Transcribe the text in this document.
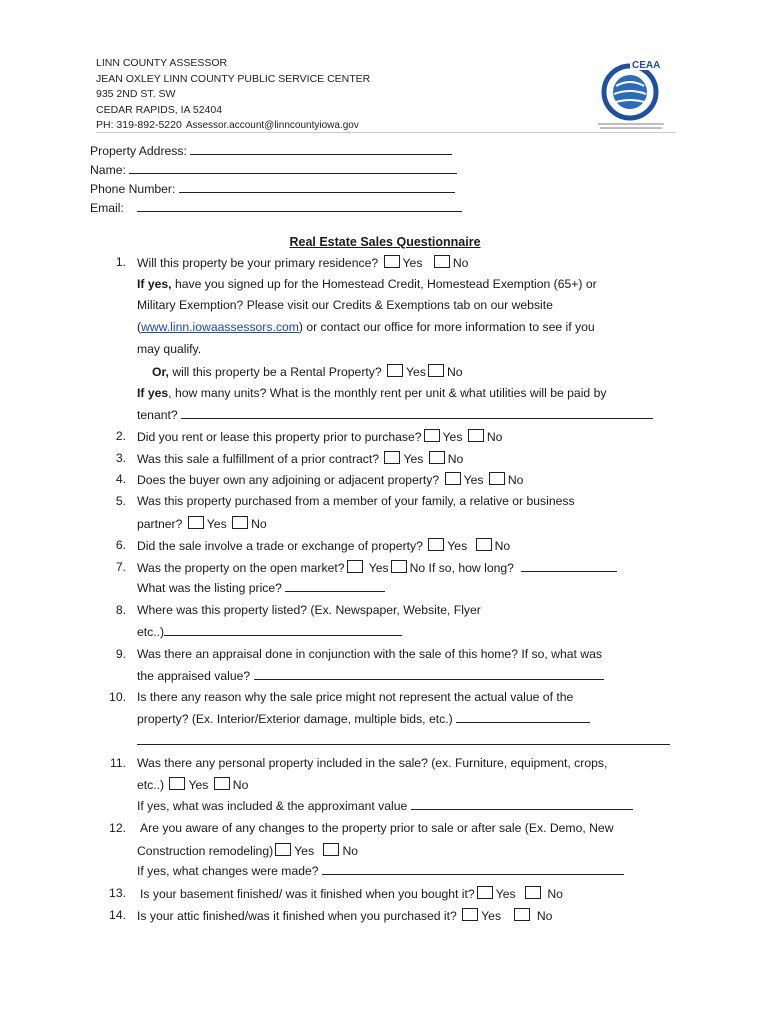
LINN COUNTY ASSESSOR
JEAN OXLEY LINN COUNTY PUBLIC SERVICE CENTER
935 2ND ST. SW
CEDAR RAPIDS, IA 52404
PH: 319-892-5220 Assessor.account@linncountyiowa.gov
CEAA
Property Address:
Name:
Phone Number:
Email:
Real Estate Sales Questionnaire
1. Will this property be your primary residence? Yes No
If yes, have you signed up for the Homestead Credit, Homestead Exemption (65+) or
Military Exemption? Please visit our Credits & Exemptions tab on our website
(www.linn.iowaassessors.com) or contact our office for more information to see if you
may qualify.
Or, will this property be a Rental Property? Yes No
If yes, how many units? What is the monthly rent per unit & what utilities will be paid by
tenant?
2. Did you rent or lease this property prior to purchase? Yes No
3. Was this sale a fulfillment of a prior contract? Yes No
4. Does the buyer own any adjoining or adjacent property? Yes No
5. Was this property purchased from a member of your family, a relative or business
partner? Yes No
6. Did the sale involve a trade or exchange of property? Yes No
7. Was the property on the open market? Yes No If so, how long?
What was the listing price?
8. Where was this property listed? (Ex. Newspaper, Website, Flyer
etc..)
9. Was there an appraisal done in conjunction with the sale of this home? If so, what was
the appraised value?
10. Is there any reason why the sale price might not represent the actual value of the
property? (Ex. Interior/Exterior damage, multiple bids, etc.)
11. Was there any personal property included in the sale? (ex. Furniture, equipment, crops,
etc..) Yes No
If yes, what was included & the approximant value
12. Are you aware of any changes to the property prior to sale or after sale (Ex. Demo, New
Construction remodeling) Yes No
If yes, what changes were made?
13. Is your basement finished/ was it finished when you bought it? Yes	No
14. Is your attic finished/was it finished when you purchased it? Yes	No
